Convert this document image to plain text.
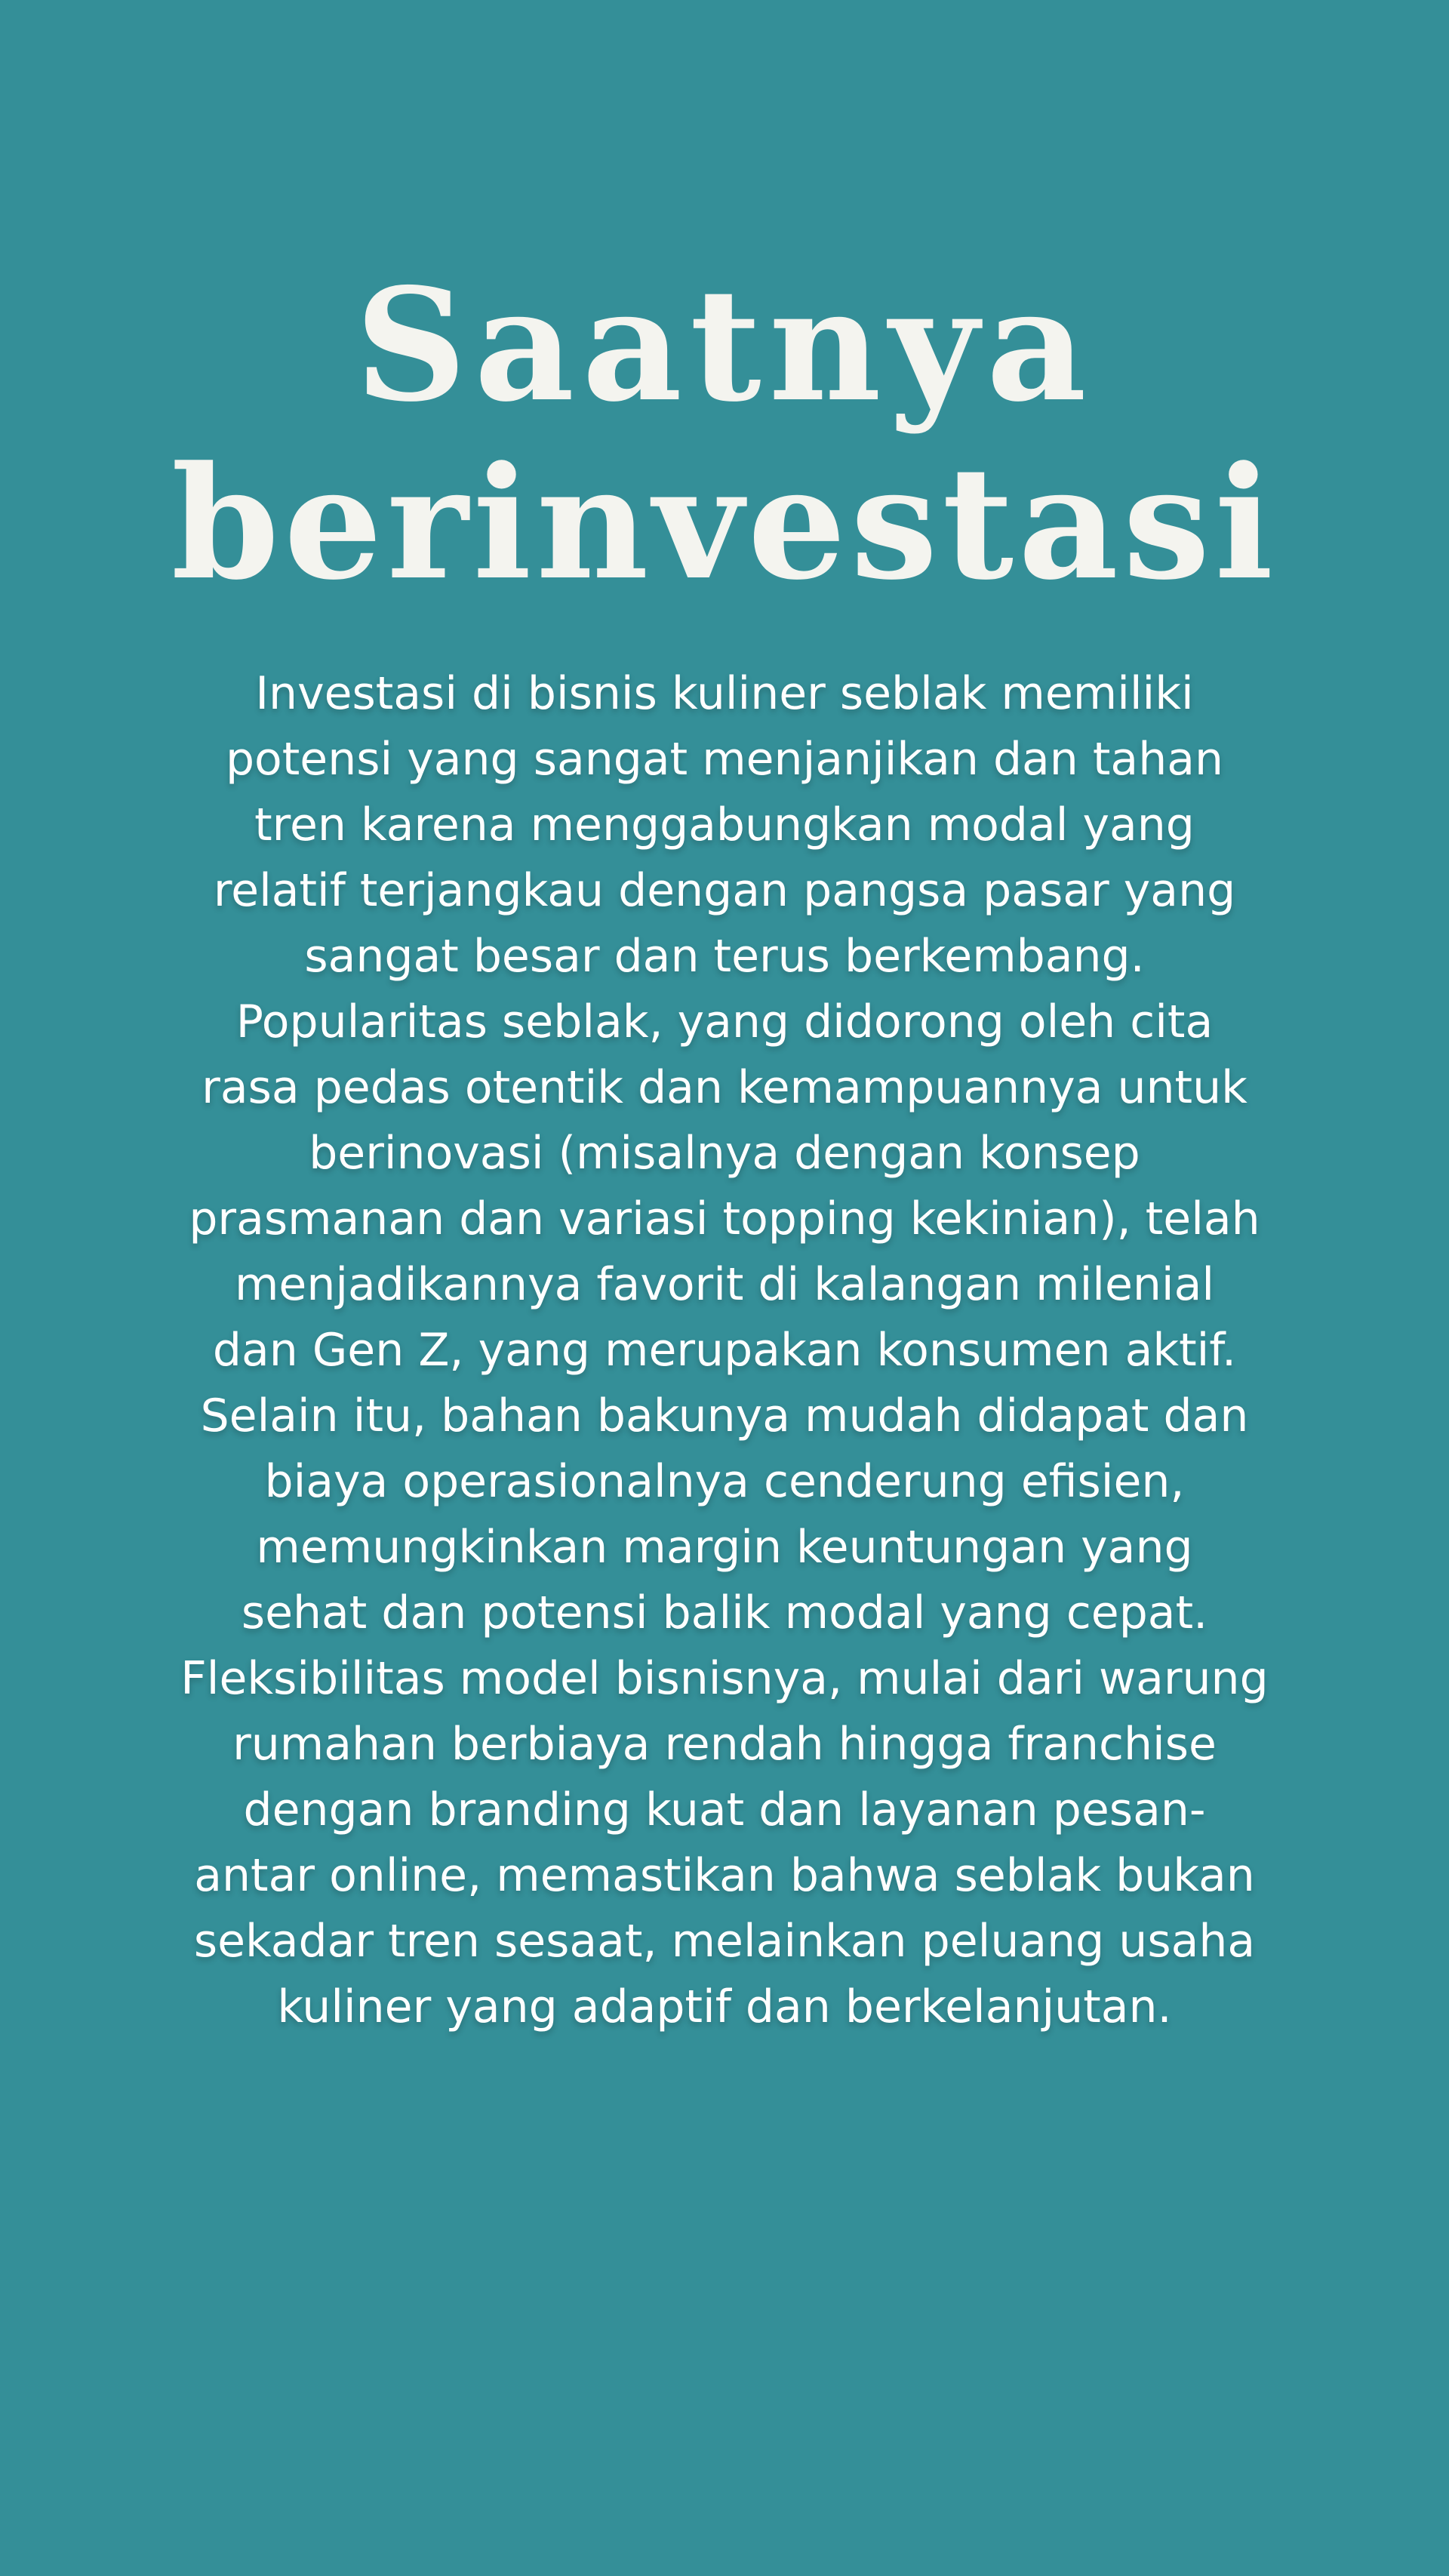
Saatnya
berinvestasi

Investasi di bisnis kuliner seblak memiliki
potensi yang sangat menjanjikan dan tahan
tren karena menggabungkan modal yang
relatif terjangkau dengan pangsa pasar yang
sangat besar dan terus berkembang.
Popularitas seblak, yang didorong oleh cita
rasa pedas otentik dan kemampuannya untuk
berinovasi (misalnya dengan konsep
prasmanan dan variasi topping kekinian), telah
menjadikannya favorit di kalangan milenial
dan Gen Z, yang merupakan konsumen aktif.
Selain itu, bahan bakunya mudah didapat dan
biaya operasionalnya cenderung efisien,
memungkinkan margin keuntungan yang
sehat dan potensi balik modal yang cepat.
Fleksibilitas model bisnisnya, mulai dari warung
rumahan berbiaya rendah hingga franchise
dengan branding kuat dan layanan pesan-
antar online, memastikan bahwa seblak bukan
sekadar tren sesaat, melainkan peluang usaha
kuliner yang adaptif dan berkelanjutan.
